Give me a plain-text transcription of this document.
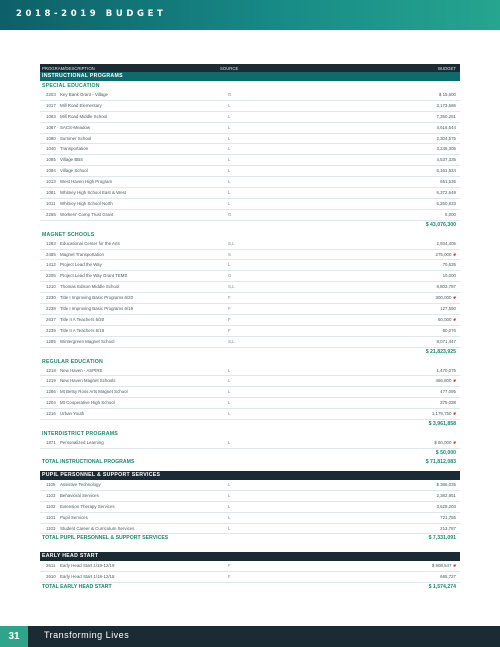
2018-2019 BUDGET
PROGRAM/DESCRIPTION	SOURCE	BUDGET
INSTRUCTIONAL PROGRAMS
SPECIAL EDUCATION
2203 Key Bank Grant - Village	G	$ 15,600
1017 Mill Road Elementary	L	3,173,686
1083 Mill Road Middle School	L	7,350,251
1087 SACS-Meadow	L	4,616,544
1080 Summer School	L	2,304,575
1040 Transportation	L	3,246,305
1085 Village BBS	L	4,537,335
1084 Village School	L	6,161,534
1013 West Haven High Program	L	651,536
1081 Whitney High School East & West	L	6,372,649
1011 Whitney High School North	L	5,250,833
2265 Workers' Comp Trust Grant	G	5,000
$ 43,076,300
MAGNET SCHOOLS
1283 Educational Center for the Arts	S,L	2,934,405
2485 Magnet Transportation	S	275,000 ✱
1412 Project Lead the Way	L	70,635
2205 Project Lead the Way Grant TEMS	G	10,000
1210 Thomas Edison Middle School	S,L	9,803,787
2230 Title I Improving Basic Programs 6/20	F	300,000 ✱
2238 Title I Improving Basic Programs 6/19	F	127,590
2637 Title II A Teachers 6/20	F	50,000 ✱
2239 Title II A Teachers 6/19	F	80,076
1285 Wintergreen Magnet School	S,L	8,071,447
$ 21,823,925
REGULAR EDUCATION
1218 New Haven - ASPIRE	L	1,470,075
1219 New Haven Magnet Schools	L	456,800 ✱
1286 Mt Betsy Ross Arts Magnet School	L	477,095
1204 Mt Cooperative High School	L	375,038
1216 Urban Youth	L	1,179,750 ✱
$ 3,961,858
INTERDISTRICT PROGRAMS
1871 Personalized Learning	L	$ 50,000 ✱
$ 50,000
TOTAL INSTRUCTIONAL PROGRAMS	$ 71,812,083
PUPIL PERSONNEL & SUPPORT SERVICES
1105 Assistive Technology	L	$ 386,035
1103 Behavioral Services	L	2,382,851
1102 Extension Therapy Services	L	3,628,203
1101 Pupil Services	L	721,755
1103 Student Career & Curriculum Services	L	213,787
TOTAL PUPIL PERSONNEL & SUPPORT SERVICES	$ 7,331,091
EARLY HEAD START
2611 Early Head Start 1/19-12/19	F	$ 908,547 ✱
2610 Early Head Start 1/18-12/18	F	665,727
TOTAL EARLY HEAD START	$ 1,574,274
31	Transforming Lives
